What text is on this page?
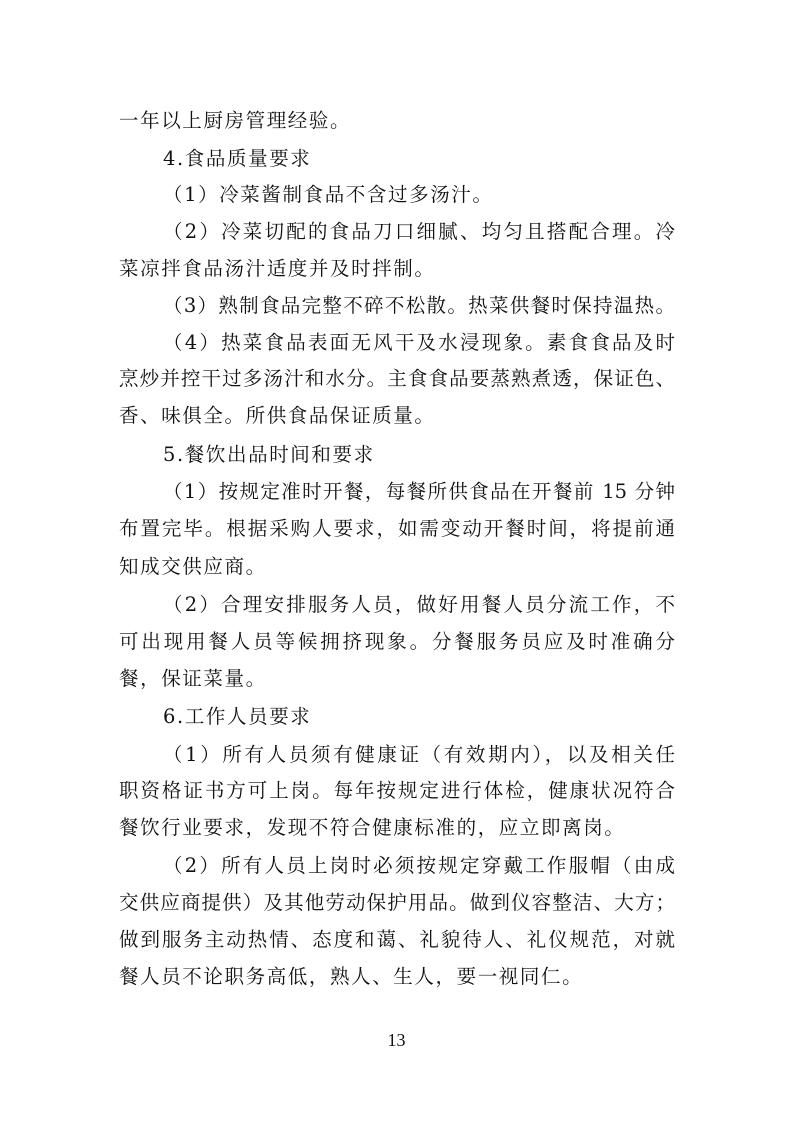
一年以上厨房管理经验。
4.食品质量要求
（1）冷菜酱制食品不含过多汤汁。
（2）冷菜切配的食品刀口细腻、均匀且搭配合理。冷
菜凉拌食品汤汁适度并及时拌制。
（3）熟制食品完整不碎不松散。热菜供餐时保持温热。
（4）热菜食品表面无风干及水浸现象。素食食品及时
烹炒并控干过多汤汁和水分。主食食品要蒸熟煮透，保证色、
香、味俱全。所供食品保证质量。
5.餐饮出品时间和要求
（1）按规定准时开餐，每餐所供食品在开餐前 15 分钟
布置完毕。根据采购人要求，如需变动开餐时间，将提前通
知成交供应商。
（2）合理安排服务人员，做好用餐人员分流工作，不
可出现用餐人员等候拥挤现象。分餐服务员应及时准确分
餐，保证菜量。
6.工作人员要求
（1）所有人员须有健康证（有效期内），以及相关任
职资格证书方可上岗。每年按规定进行体检，健康状况符合
餐饮行业要求，发现不符合健康标准的，应立即离岗。
（2）所有人员上岗时必须按规定穿戴工作服帽（由成
交供应商提供）及其他劳动保护用品。做到仪容整洁、大方；
做到服务主动热情、态度和蔼、礼貌待人、礼仪规范，对就
餐人员不论职务高低，熟人、生人，要一视同仁。
13
